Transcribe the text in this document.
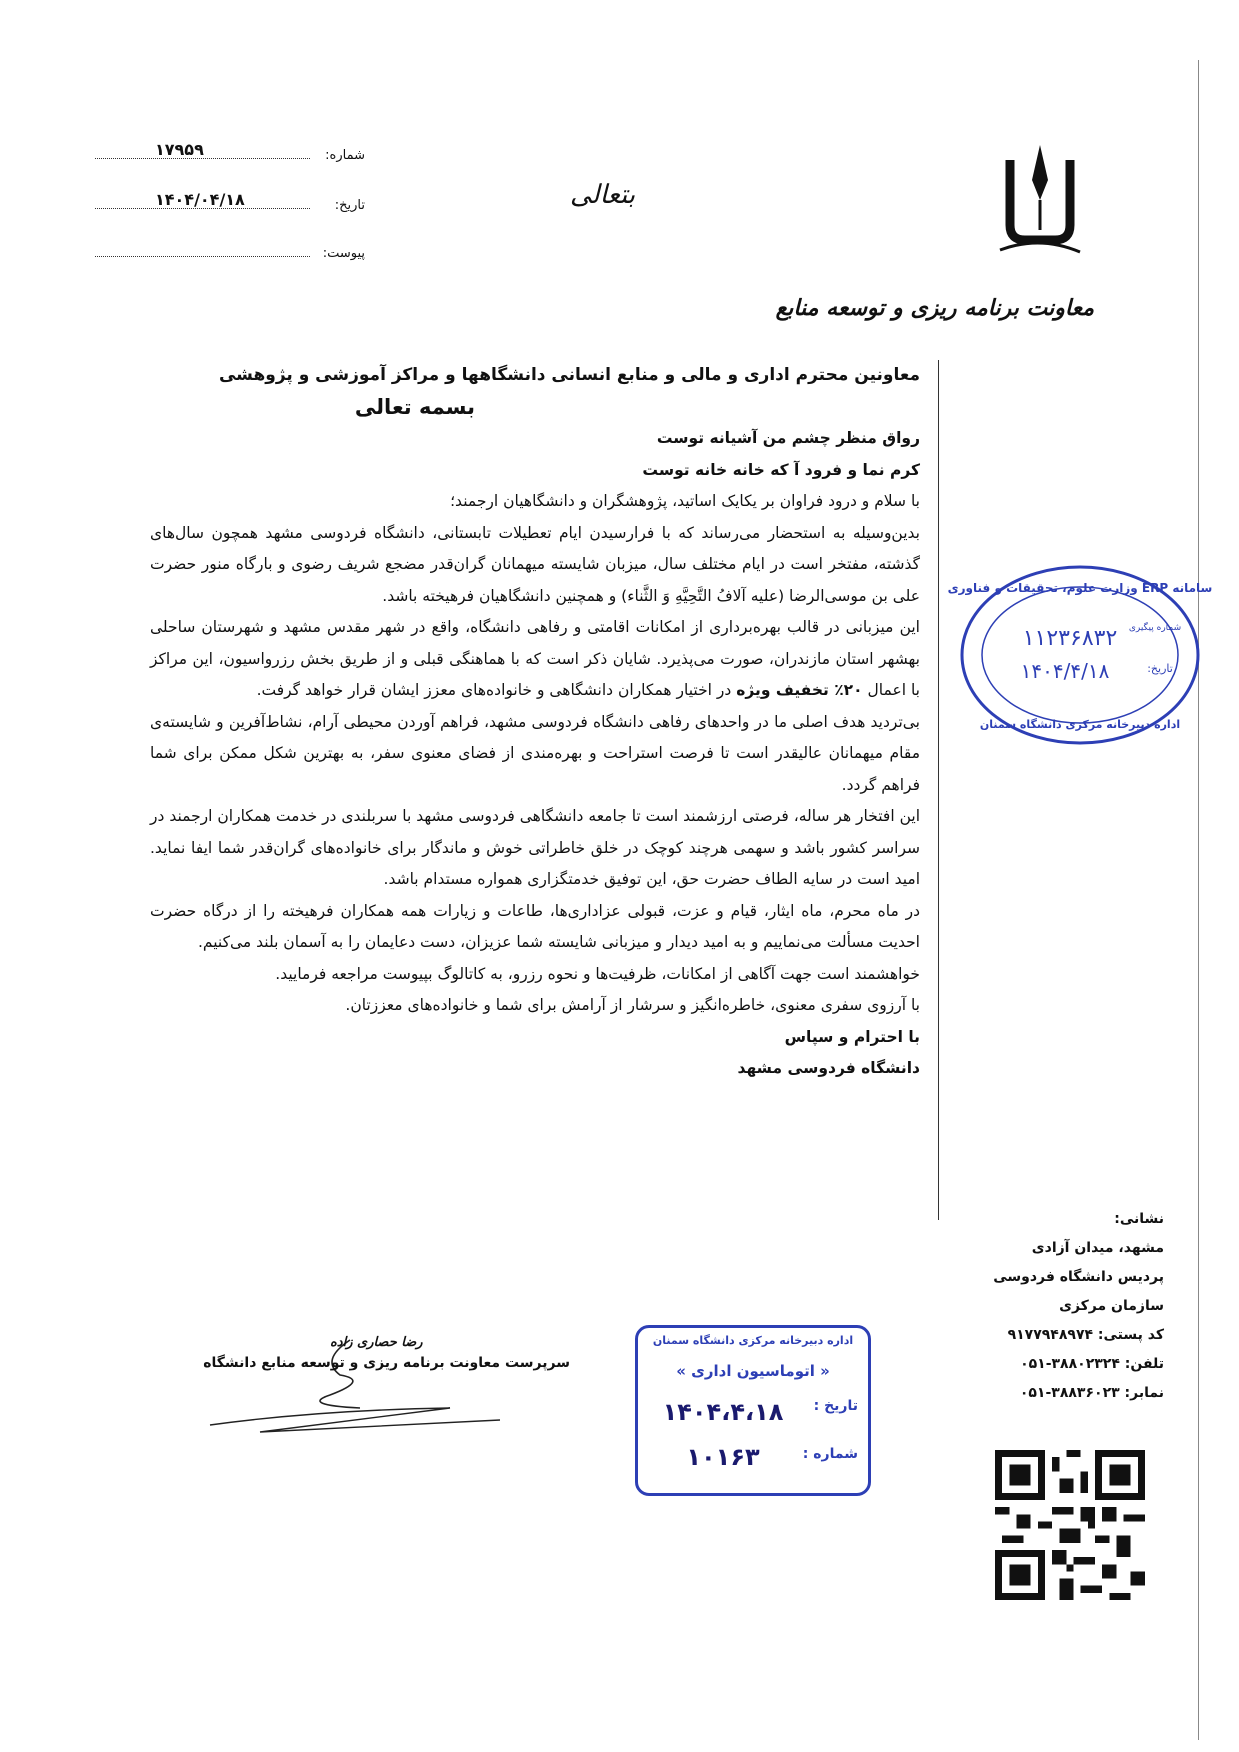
معاونت برنامه ریزی و توسعه منابع
بتعالی
شماره:
۱۷۹۵۹
تاریخ:
۱۴۰۴/۰۴/۱۸
پیوست:

معاونین محترم اداری و مالی و منابع انسانی دانشگاهها و مراکز آموزشی و پژوهشی

بسمه تعالی

رواق منظر چشم من آشیانه توست

کرم نما و فرود آ که خانه خانه توست

با سلام و درود فراوان بر یکایک اساتید، پژوهشگران و دانشگاهیان ارجمند؛

بدین‌وسیله به استحضار می‌رساند که با فرارسیدن ایام تعطیلات تابستانی، دانشگاه فردوسی مشهد همچون سال‌های گذشته، مفتخر است در ایام مختلف سال، میزبان شایسته میهمانان گران‌قدر مضجع شریف رضوی و بارگاه منور حضرت علی بن موسی‌الرضا (علیه آلافُ التَّحِیَّهِ وَ الثَّناء) و همچنین دانشگاهیان فرهیخته باشد.

این میزبانی در قالب بهره‌برداری از امکانات اقامتی و رفاهی دانشگاه، واقع در شهر مقدس مشهد و شهرستان ساحلی بهشهر استان مازندران، صورت می‌پذیرد. شایان ذکر است که با هماهنگی قبلی و از طریق بخش رزرواسیون، این مراکز با اعمال ۲۰٪ تخفیف ویژه در اختیار همکاران دانشگاهی و خانواده‌های معزز ایشان قرار خواهد گرفت.

بی‌تردید هدف اصلی ما در واحدهای رفاهی دانشگاه فردوسی مشهد، فراهم آوردن محیطی آرام، نشاط‌آفرین و شایسته‌ی مقام میهمانان عالیقدر است تا فرصت استراحت و بهره‌مندی از فضای معنوی سفر، به بهترین شکل ممکن برای شما فراهم گردد.

این افتخار هر ساله، فرصتی ارزشمند است تا جامعه دانشگاهی فردوسی مشهد با سربلندی در خدمت همکاران ارجمند در سراسر کشور باشد و سهمی هرچند کوچک در خلق خاطراتی خوش و ماندگار برای خانواده‌های گران‌قدر شما ایفا نماید. امید است در سایه الطاف حضرت حق، این توفیق خدمتگزاری همواره مستدام باشد.

در ماه محرم، ماه ایثار، قیام و عزت، قبولی عزاداری‌ها، طاعات و زیارات همه همکاران فرهیخته را از درگاه حضرت احدیت مسألت می‌نماییم و به امید دیدار و میزبانی شایسته شما عزیزان، دست دعایمان را به آسمان بلند می‌کنیم.

خواهشمند است جهت آگاهی از امکانات، ظرفیت‌ها و نحوه رزرو، به کاتالوگ بپیوست مراجعه فرمایید.

با آرزوی سفری معنوی، خاطره‌انگیز و سرشار از آرامش برای شما و خانواده‌های معززتان.

با احترام و سپاس

دانشگاه فردوسی مشهد

نشانی:
مشهد، میدان آزادی
پردیس دانشگاه فردوسی
سازمان مرکزی
کد پستی: ۹۱۷۷۹۴۸۹۷۴
تلفن: ۳۸۸۰۲۳۲۴-۰۵۱
نمابر: ۳۸۸۳۶۰۲۳-۰۵۱
سامانه ERP وزارت علوم، تحقیقات و فناوری
شماره پیگیری
۱۱۲۳۶۸۳۲
تاریخ:
۱۴۰۴/۴/۱۸
اداره دبیرخانه مرکزی دانشگاه سمنان
اداره دبیرخانه مرکزی دانشگاه سمنان
« اتوماسیون اداری »
تاریخ :
۱۴۰۴،۴،۱۸
شماره :
۱۰۱۶۳
رضا حصاری زاده
سرپرست معاونت برنامه ریزی و توسعه منابع دانشگاه
